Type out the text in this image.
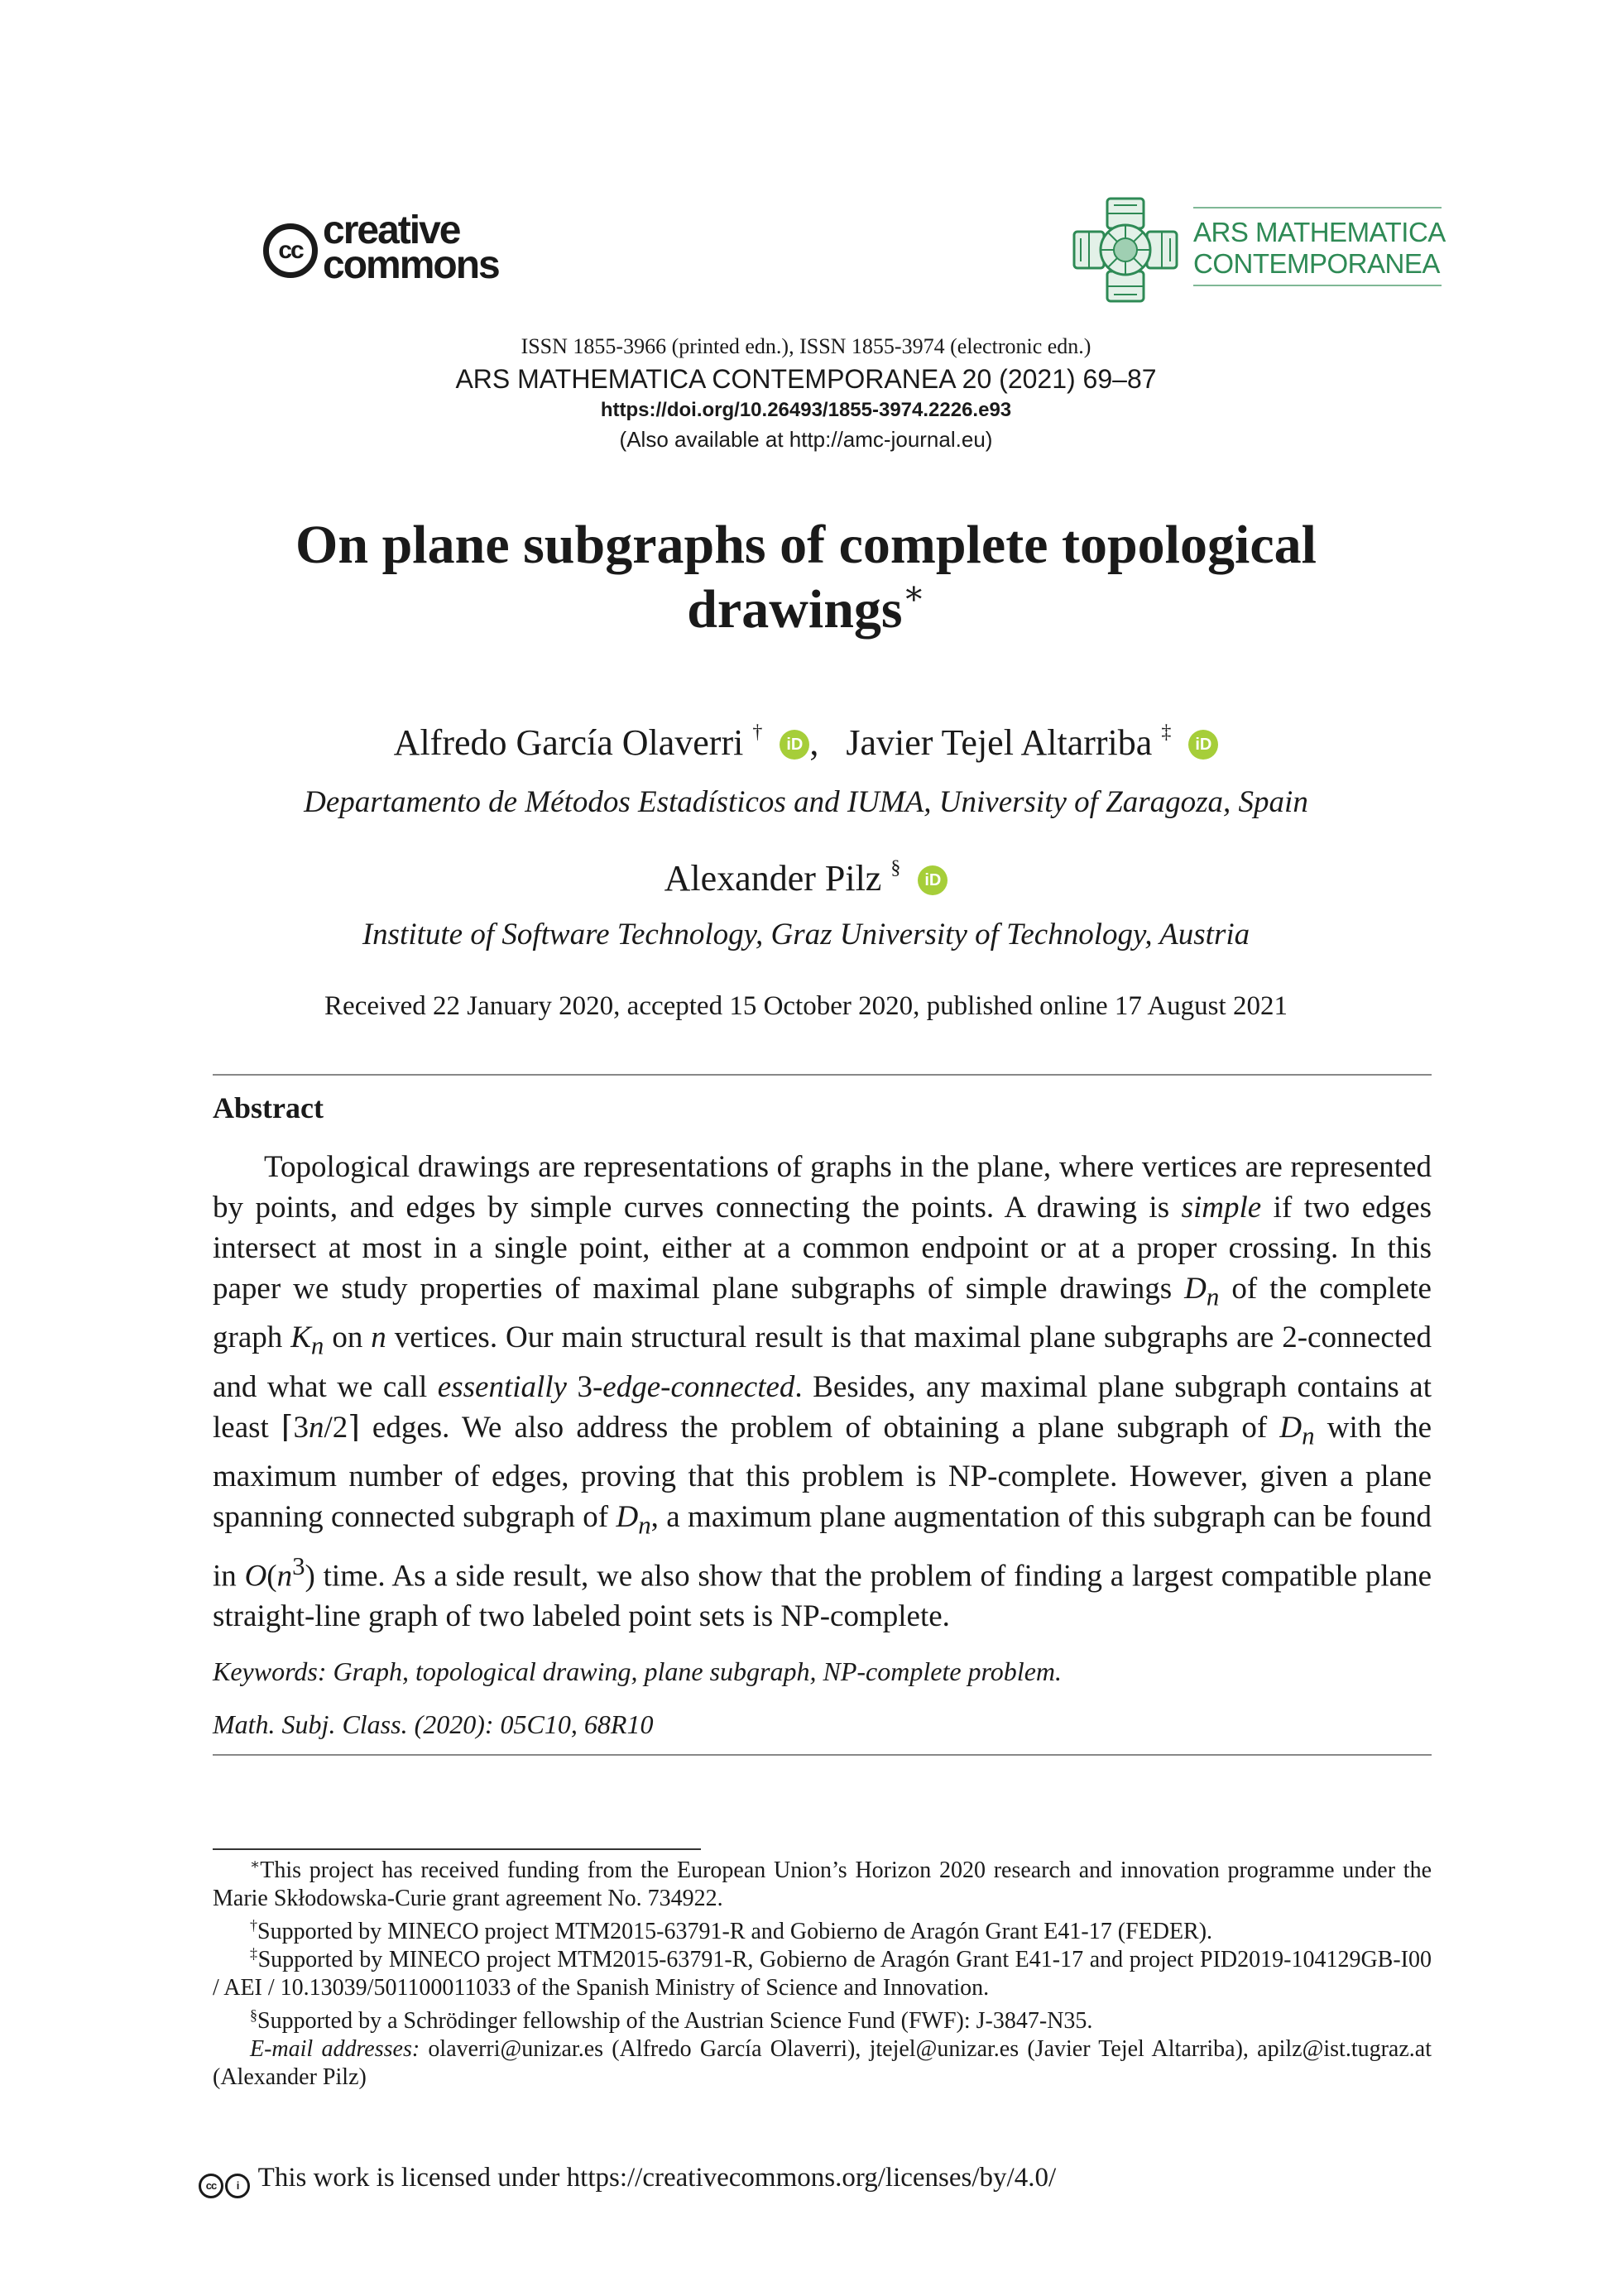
cc creative
commons
ARS MATHEMATICA
CONTEMPORANEA
ISSN 1855-3966 (printed edn.), ISSN 1855-3974 (electronic edn.)
ARS MATHEMATICA CONTEMPORANEA 20 (2021) 69–87
https://doi.org/10.26493/1855-3974.2226.e93
(Also available at http://amc-journal.eu)
On plane subgraphs of complete topological
drawings∗
Alfredo García Olaverri † iD ,   Javier Tejel Altarriba ‡ iD
Departamento de Métodos Estadísticos and IUMA, University of Zaragoza, Spain
Alexander Pilz § iD
Institute of Software Technology, Graz University of Technology, Austria
Received 22 January 2020, accepted 15 October 2020, published online 17 August 2021
Abstract
Topological drawings are representations of graphs in the plane, where vertices are represented by points, and edges by simple curves connecting the points. A drawing is simple if two edges intersect at most in a single point, either at a common endpoint or at a proper crossing. In this paper we study properties of maximal plane subgraphs of simple drawings $D_n$ of the complete graph $K_n$ on n vertices. Our main structural result is that maximal plane subgraphs are 2-connected and what we call essentially 3-edge-connected. Besides, any maximal plane subgraph contains at least ⌈3n/2⌉ edges. We also address the problem of obtaining a plane subgraph of $D_n$ with the maximum number of edges, proving that this problem is NP-complete. However, given a plane spanning connected subgraph of $D_n$, a maximum plane augmentation of this subgraph can be found in $O(n^3)$ time. As a side result, we also show that the problem of finding a largest compatible plane straight-line graph of two labeled point sets is NP-complete.
Keywords: Graph, topological drawing, plane subgraph, NP-complete problem.
Math. Subj. Class. (2020): 05C10, 68R10
∗This project has received funding from the European Union’s Horizon 2020 research and innovation programme under the Marie Skłodowska-Curie grant agreement No. 734922.
†Supported by MINECO project MTM2015-63791-R and Gobierno de Aragón Grant E41-17 (FEDER).
‡Supported by MINECO project MTM2015-63791-R, Gobierno de Aragón Grant E41-17 and project PID2019-104129GB-I00 / AEI / 10.13039/501100011033 of the Spanish Ministry of Science and Innovation.
§Supported by a Schrödinger fellowship of the Austrian Science Fund (FWF): J-3847-N35.
E-mail addresses: olaverri@unizar.es (Alfredo García Olaverri), jtejel@unizar.es (Javier Tejel Altarriba), apilz@ist.tugraz.at (Alexander Pilz)
cc i This work is licensed under https://creativecommons.org/licenses/by/4.0/
